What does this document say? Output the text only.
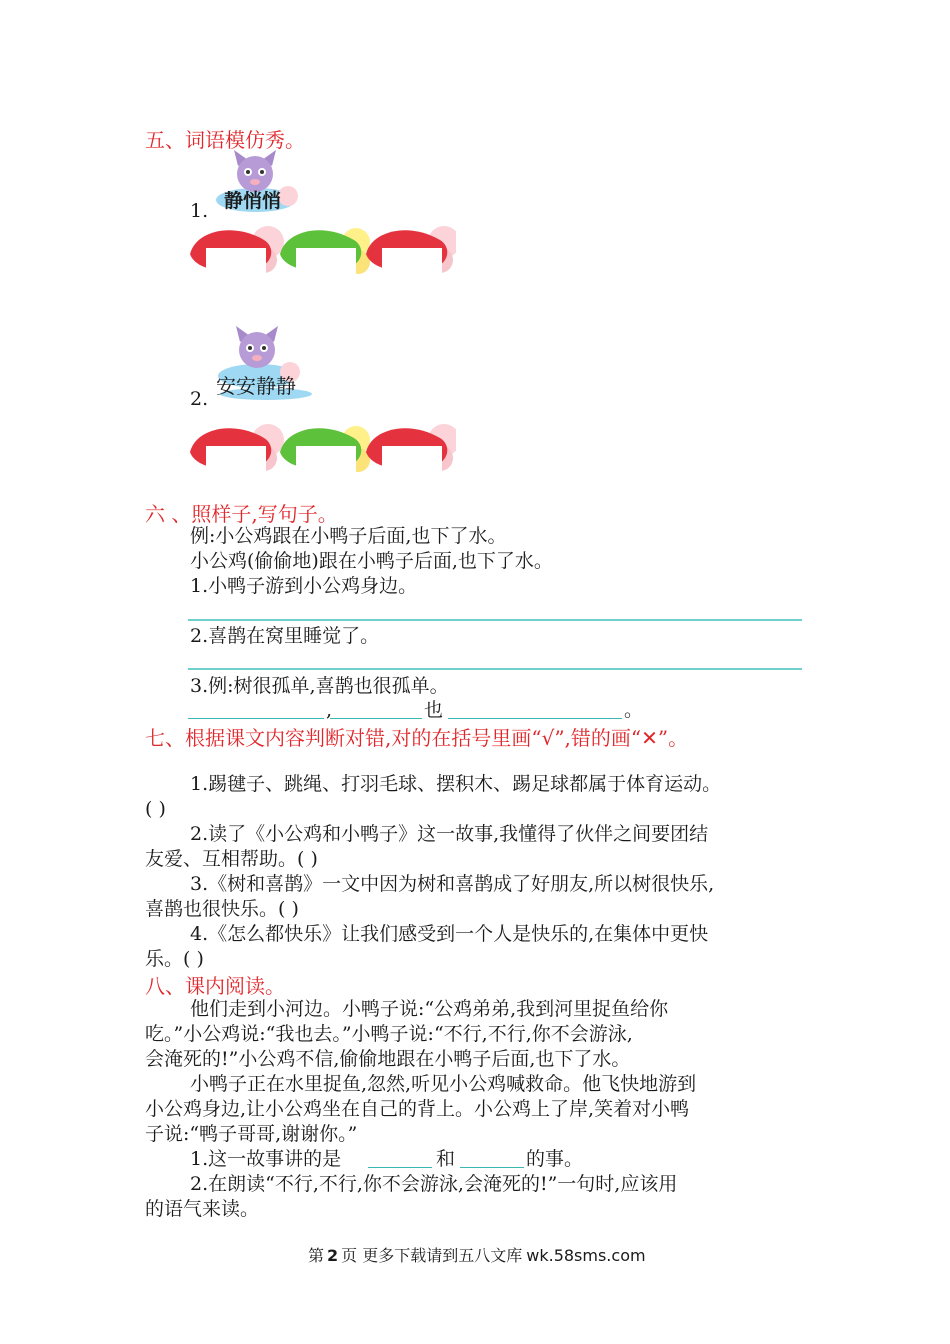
五、词语模仿秀。
1. 静悄悄
2.
安安静静
六 、照样子,写句子。
例:小公鸡跟在小鸭子后面,也下了水。
小公鸡(偷偷地)跟在小鸭子后面,也下了水。
1.小鸭子游到小公鸡身边。
2.喜鹊在窝里睡觉了。
3.例:树很孤单,喜鹊也很孤单。
,	也	。
七、根据课文内容判断对错,对的在括号里画“√”,错的画“✕”。
1.踢毽子、跳绳、打羽毛球、摆积木、踢足球都属于体育运动。
( )
2.读了《小公鸡和小鸭子》这一故事,我懂得了伙伴之间要团结
友爱、互相帮助。( )
3.《树和喜鹊》一文中因为树和喜鹊成了好朋友,所以树很快乐,
喜鹊也很快乐。( )
4.《怎么都快乐》让我们感受到一个人是快乐的,在集体中更快
乐。( )
八、课内阅读。
他们走到小河边。小鸭子说:“公鸡弟弟,我到河里捉鱼给你
吃。”小公鸡说:“我也去。”小鸭子说:“不行,不行,你不会游泳,
会淹死的!”小公鸡不信,偷偷地跟在小鸭子后面,也下了水。
小鸭子正在水里捉鱼,忽然,听见小公鸡喊救命。他飞快地游到
小公鸡身边,让小公鸡坐在自己的背上。小公鸡上了岸,笑着对小鸭
子说:“鸭子哥哥,谢谢你。”
1.这一故事讲的是	和	的事。
2.在朗读“不行,不行,你不会游泳,会淹死的!”一句时,应该用
的语气来读。
第 2 页 更多下载请到五八文库 wk.58sms.com
